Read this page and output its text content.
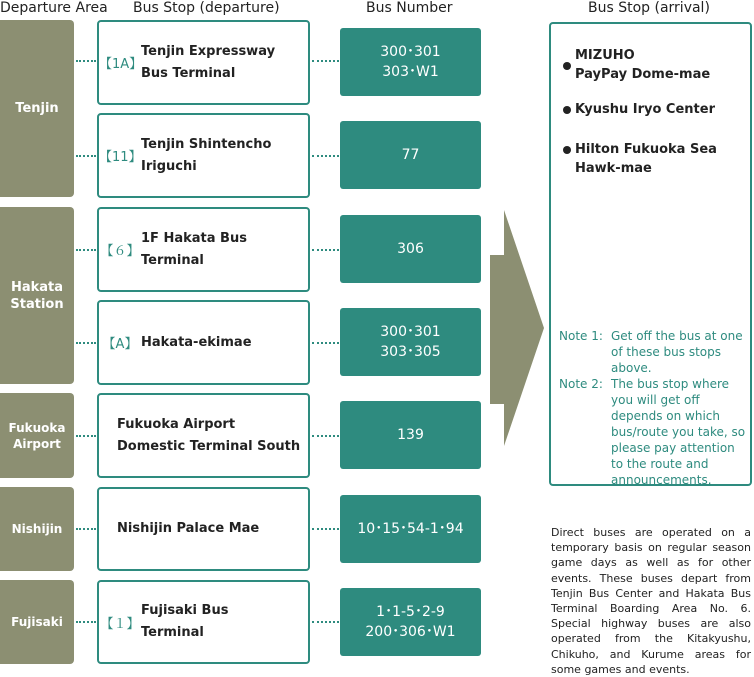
Departure Area Bus Stop (departure)	Bus Number	Bus Stop (arrival)
Tenjin
Hakata
Station
Fukuoka
Airport
Nishijin
Fujisaki
【1A】
Tenjin Expressway
Bus Terminal
【11】
Tenjin Shintencho
Iriguchi
【６】
1F Hakata Bus
Terminal
【A】 Hakata-ekimae
Fukuoka Airport
Domestic Terminal South
Nishijin Palace Mae
【１】
Fujisaki Bus
Terminal
300･301
303･W1
77
306
300･301
303･305
139
10･15･54-1･94
1･1-5･2-9
200･306･W1
MIZUHO
PayPay Dome-mae
Kyushu Iryo Center
Hilton Fukuoka Sea
Hawk-mae
Note 1: Get off the bus at one of these bus stops above.
Note 2: The bus stop where you will get off depends on which bus/route you take, so please pay attention to the route and announcements.
Direct buses are operated on a temporary basis on regular season game days as well as for other events. These buses depart from Tenjin Bus Center and Hakata Bus Terminal Boarding Area No. 6. Special highway buses are also operated from the Kitakyushu, Chikuho, and Kurume areas for some games and events.
